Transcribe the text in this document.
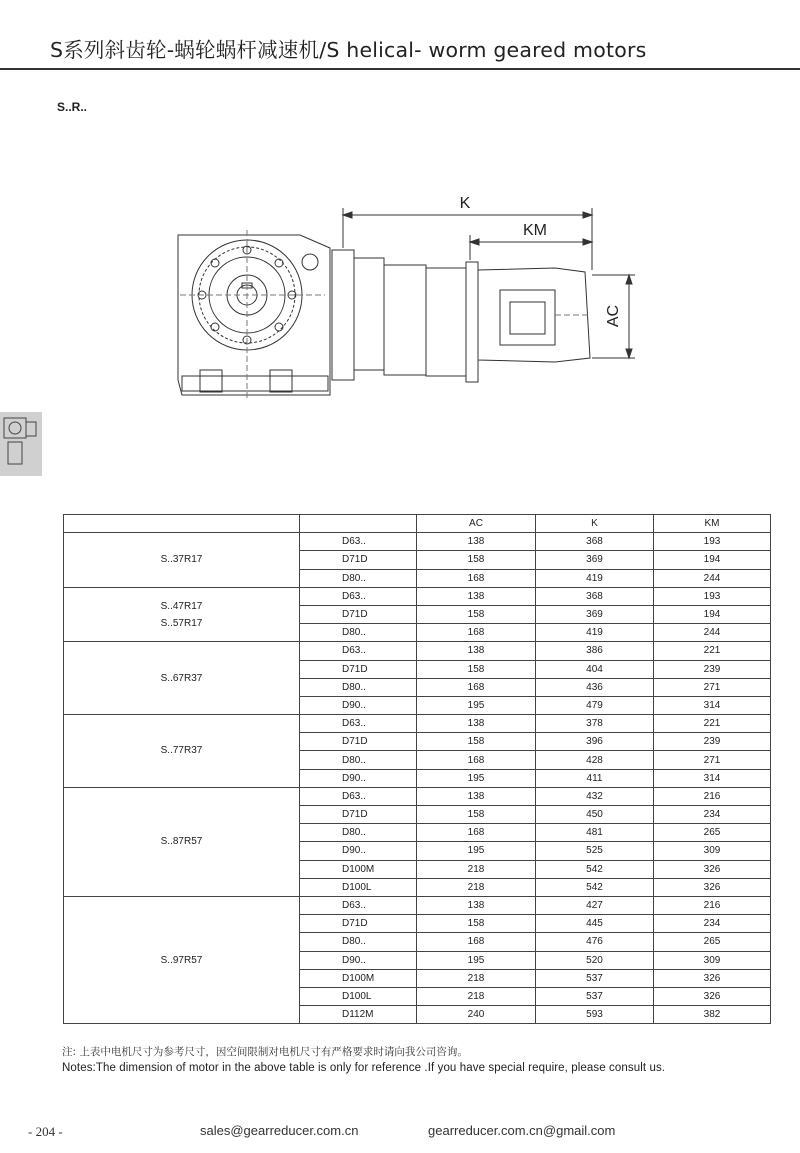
S系列斜齿轮-蜗轮蜗杆减速机/S helical- worm geared motors
S..R..
K
KM
AC
		AC	K	KM

S..37R17	D63..	138	368	193
	D71D	158	369	194
	D80..	168	419	244

S..47R17
S..57R17	D63..	138	368	193
	D71D	158	369	194
	D80..	168	419	244

S..67R37	D63..	138	386	221
	D71D	158	404	239
	D80..	168	436	271
	D90..	195	479	314

S..77R37	D63..	138	378	221
	D71D	158	396	239
	D80..	168	428	271
	D90..	195	411	314

S..87R57	D63..	138	432	216
	D71D	158	450	234
	D80..	168	481	265
	D90..	195	525	309
	D100M	218	542	326
	D100L	218	542	326

S..97R57	D63..	138	427	216
	D71D	158	445	234
	D80..	168	476	265
	D90..	195	520	309
	D100M	218	537	326
	D100L	218	537	326
	D112M	240	593	382
注: 上表中电机尺寸为参考尺寸，因空间限制对电机尺寸有严格要求时请向我公司咨询。
Notes:The dimension of motor in the above table is only for reference .If you have special require, please consult us.
- 204 -	sales@gearreducer.com.cn	gearreducer.com.cn@gmail.com
